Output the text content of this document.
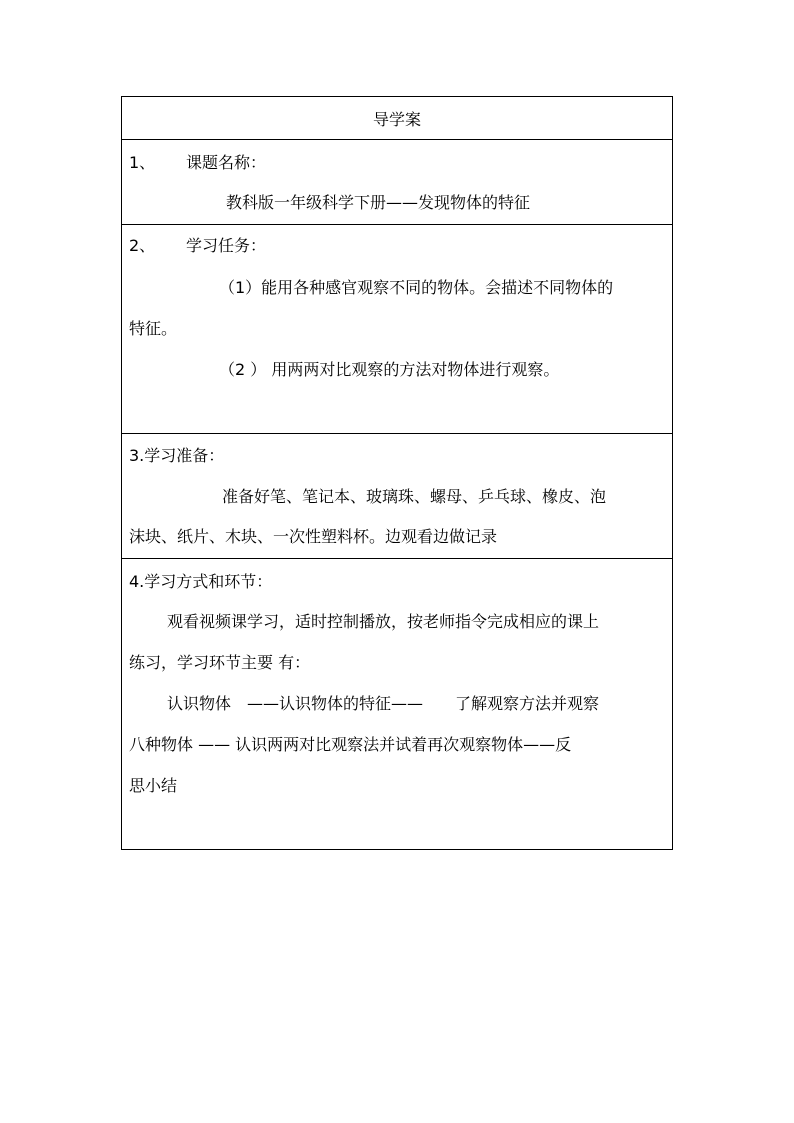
导学案
1、 课题名称：
教科版一年级科学下册——发现物体的特征
2、 学习任务：
（1）能用各种感官观察不同的物体。会描述不同物体的
特征。
（2 ） 用两两对比观察的方法对物体进行观察。
3.学习准备：
准备好笔、笔记本、玻璃珠、螺母、乒乓球、橡皮、泡
沫块、纸片、木块、一次性塑料杯。边观看边做记录
4.学习方式和环节：
观看视频课学习，适时控制播放，按老师指令完成相应的课上
练习，学习环节主要 有：
认识物体　——认识物体的特征——　　了解观察方法并观察
八种物体 —— 认识两两对比观察法并试着再次观察物体——反
思小结
